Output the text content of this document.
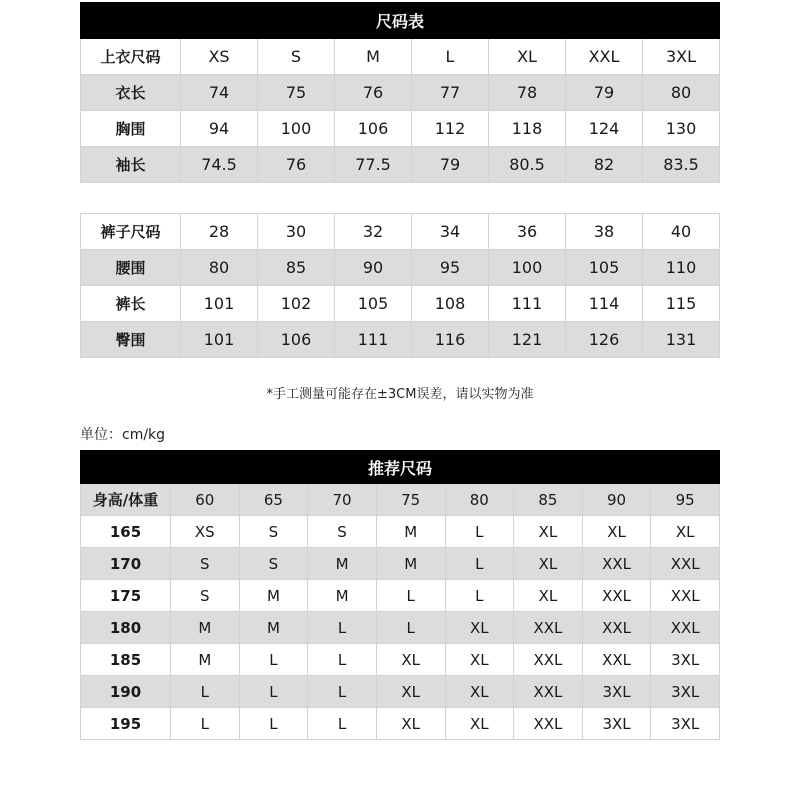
尺码表							
上衣尺码	XS	S	M	L	XL	XXL	3XL
衣长	74	75	76	77	78	79	80
胸围	94	100	106	112	118	124	130
袖长	74.5	76	77.5	79	80.5	82	83.5
裤子尺码	28	30	32	34	36	38	40
腰围	80	85	90	95	100	105	110
裤长	101	102	105	108	111	114	115
臀围	101	106	111	116	121	126	131
*手工测量可能存在±3CM误差，请以实物为准
单位：cm/kg
推荐尺码								
身高/体重	60	65	70	75	80	85	90	95
165	XS	S	S	M	L	XL	XL	XL
170	S	S	M	M	L	XL	XXL	XXL
175	S	M	M	L	L	XL	XXL	XXL
180	M	M	L	L	XL	XXL	XXL	XXL
185	M	L	L	XL	XL	XXL	XXL	3XL
190	L	L	L	XL	XL	XXL	3XL	3XL
195	L	L	L	XL	XL	XXL	3XL	3XL
